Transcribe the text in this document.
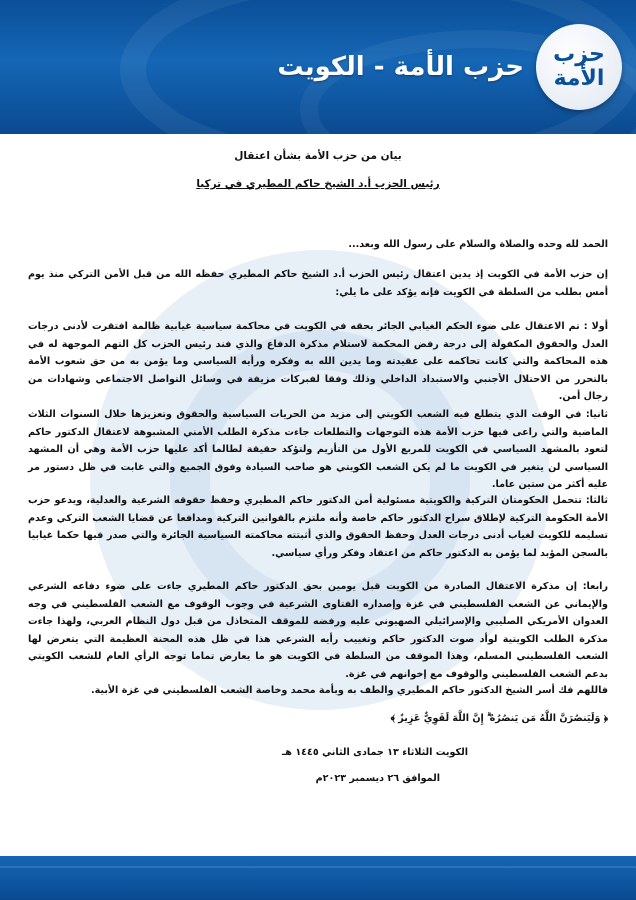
حزب الأمة - الكويت حزب
الأمة
بيان من حزب الأمة بشأن اعتقال
رئيس الحزب أ.د الشيخ حاكم المطيري في تركيا

الحمد لله وحده والصلاة والسلام على رسول الله وبعد...

إن حزب الأمة في الكويت إذ يدين اعتقال رئيس الحزب أ.د الشيخ حاكم المطيري حفظه الله من قبل الأمن التركي منذ يوم أمس بطلب من السلطة في الكويت فإنه يؤكد على ما يلي:

أولا : تم الاعتقال على ضوء الحكم الغيابي الجائر بحقه في الكويت في محاكمة سياسية غيابية ظالمة افتقرت لأدنى درجات العدل والحقوق المكفولة إلى درجة رفض المحكمة لاستلام مذكرة الدفاع والذي فند رئيس الحزب كل التهم الموجهة له في هذه المحاكمة والتي كانت تحاكمه على عقيدته وما يدين الله به وفكره ورأيه السياسي وما يؤمن به من حق شعوب الأمة بالتحرر من الاحتلال الأجنبي والاستبداد الداخلي وذلك وفقا لفبركات مزيفة في وسائل التواصل الاجتماعي وشهادات من رجال أمن.

ثانيا: في الوقت الذي يتطلع فيه الشعب الكويتي إلى مزيد من الحريات السياسية والحقوق وتعزيزها خلال السنوات الثلاث الماضية والتي راعى فيها حزب الأمة هذه التوجهات والتطلعات جاءت مذكرة الطلب الأمني المشبوهة لاعتقال الدكتور حاكم لتعود بالمشهد السياسي في الكويت للمربع الأول من التأزيم ولتؤكد حقيقة لطالما أكد عليها حزب الأمة وهي أن المشهد السياسي لن يتغير في الكويت ما لم يكن الشعب الكويتي هو صاحب السيادة وفوق الجميع والتي غابت في ظل دستور مر عليه أكثر من ستين عاما.

ثالثا: تتحمل الحكومتان التركية والكويتية مسئولية أمن الدكتور حاكم المطيري وحفظ حقوقه الشرعية والعدلية، ويدعو حزب الأمة الحكومة التركية لإطلاق سراح الدكتور حاكم خاصة وأنه ملتزم بالقوانين التركية ومدافعا عن قضايا الشعب التركي وعدم تسليمه للكويت لغياب أدنى درجات العدل وحفظ الحقوق والذي أثبتته محاكمته السياسية الجائرة والتي صدر فيها حكما غيابيا بالسجن المؤبد لما يؤمن به الدكتور حاكم من اعتقاد وفكر ورأي سياسي.

رابعا: إن مذكرة الاعتقال الصادرة من الكويت قبل يومين بحق الدكتور حاكم المطيري جاءت على ضوء دفاعه الشرعي والإيماني عن الشعب الفلسطيني في غزة وإصداره الفتاوى الشرعية في وجوب الوقوف مع الشعب الفلسطيني في وجه العدوان الأمريكي الصليبي والإسرائيلي الصهيوني عليه ورفضه للموقف المتخاذل من قبل دول النظام العربي، ولهذا جاءت مذكرة الطلب الكويتية لوأد صوت الدكتور حاكم وتغييب رأيه الشرعي هذا في ظل هذه المحنة العظيمة التي يتعرض لها الشعب الفلسطيني المسلم، وهذا الموقف من السلطة في الكويت هو ما يعارض تماما توجه الرأي العام للشعب الكويتي بدعم الشعب الفلسطيني والوقوف مع إخوانهم في غزة.

فاللهم فك أسر الشيخ الدكتور حاكم المطيري والطف به وبأمة محمد وخاصة الشعب الفلسطيني في غزة الأبية.

﴿ وَلَيَنصُرَنَّ اللَّهُ مَن يَنصُرُهُ ۗ إِنَّ اللَّهَ لَقَوِيٌّ عَزِيزٌ ﴾

الكويت الثلاثاء ١٣ جمادى الثاني ١٤٤٥ هـ

الموافق ٢٦ ديسمبر ٢٠٢٣م
